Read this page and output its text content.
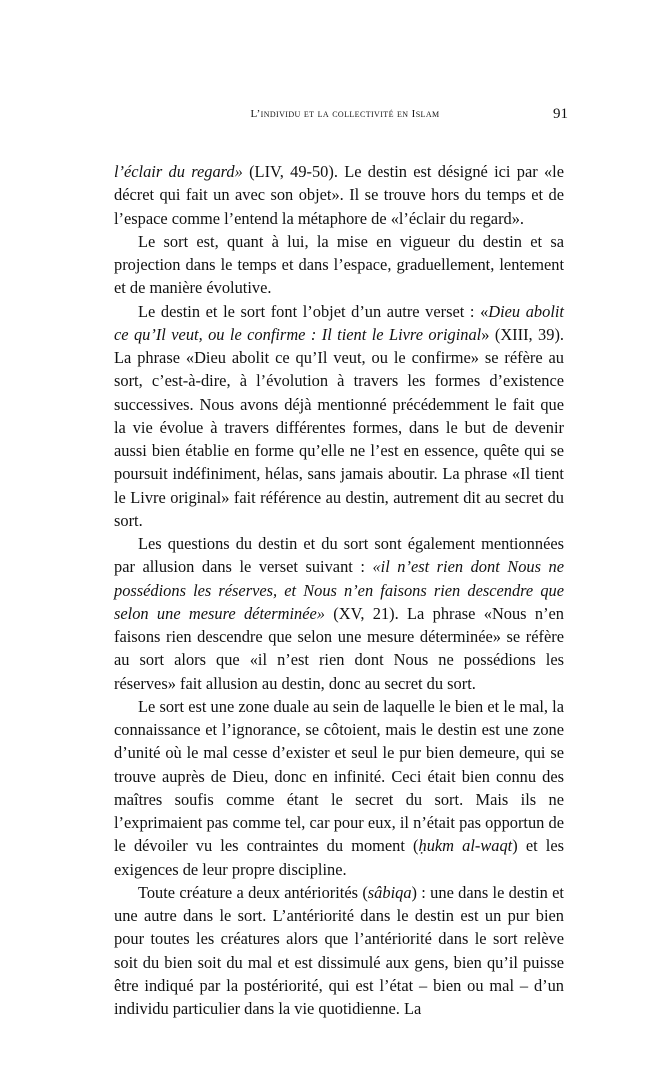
L’individu et la collectivité en Islam	91

l’éclair du regard» (LIV, 49-50). Le destin est désigné ici par «le décret qui fait un avec son objet». Il se trouve hors du temps et de l’espace comme l’entend la métaphore de «l’éclair du regard».

Le sort est, quant à lui, la mise en vigueur du destin et sa projection dans le temps et dans l’espace, graduellement, lentement et de manière évolutive.

Le destin et le sort font l’objet d’un autre verset : «Dieu abolit ce qu’Il veut, ou le confirme : Il tient le Livre original» (XIII, 39). La phrase «Dieu abolit ce qu’Il veut, ou le confirme» se réfère au sort, c’est-à-dire, à l’évolution à travers les formes d’existence successives. Nous avons déjà mentionné précédemment le fait que la vie évolue à travers différentes formes, dans le but de devenir aussi bien établie en forme qu’elle ne l’est en essence, quête qui se poursuit indéfiniment, hélas, sans jamais aboutir. La phrase «Il tient le Livre original» fait référence au destin, autrement dit au secret du sort.

Les questions du destin et du sort sont également mentionnées par allusion dans le verset suivant : «il n’est rien dont Nous ne possédions les réserves, et Nous n’en faisons rien descendre que selon une mesure déterminée» (XV, 21). La phrase «Nous n’en faisons rien descendre que selon une mesure déterminée» se réfère au sort alors que «il n’est rien dont Nous ne possédions les réserves» fait allusion au destin, donc au secret du sort.

Le sort est une zone duale au sein de laquelle le bien et le mal, la connaissance et l’ignorance, se côtoient, mais le destin est une zone d’unité où le mal cesse d’exister et seul le pur bien demeure, qui se trouve auprès de Dieu, donc en infinité. Ceci était bien connu des maîtres soufis comme étant le secret du sort. Mais ils ne l’exprimaient pas comme tel, car pour eux, il n’était pas opportun de le dévoiler vu les contraintes du moment (ḥukm al-waqt) et les exigences de leur propre discipline.

Toute créature a deux antériorités (sâbiqa) : une dans le destin et une autre dans le sort. L’antériorité dans le destin est un pur bien pour toutes les créatures alors que l’antériorité dans le sort relève soit du bien soit du mal et est dissimulé aux gens, bien qu’il puisse être indiqué par la postériorité, qui est l’état – bien ou mal – d’un individu particulier dans la vie quotidienne. La
